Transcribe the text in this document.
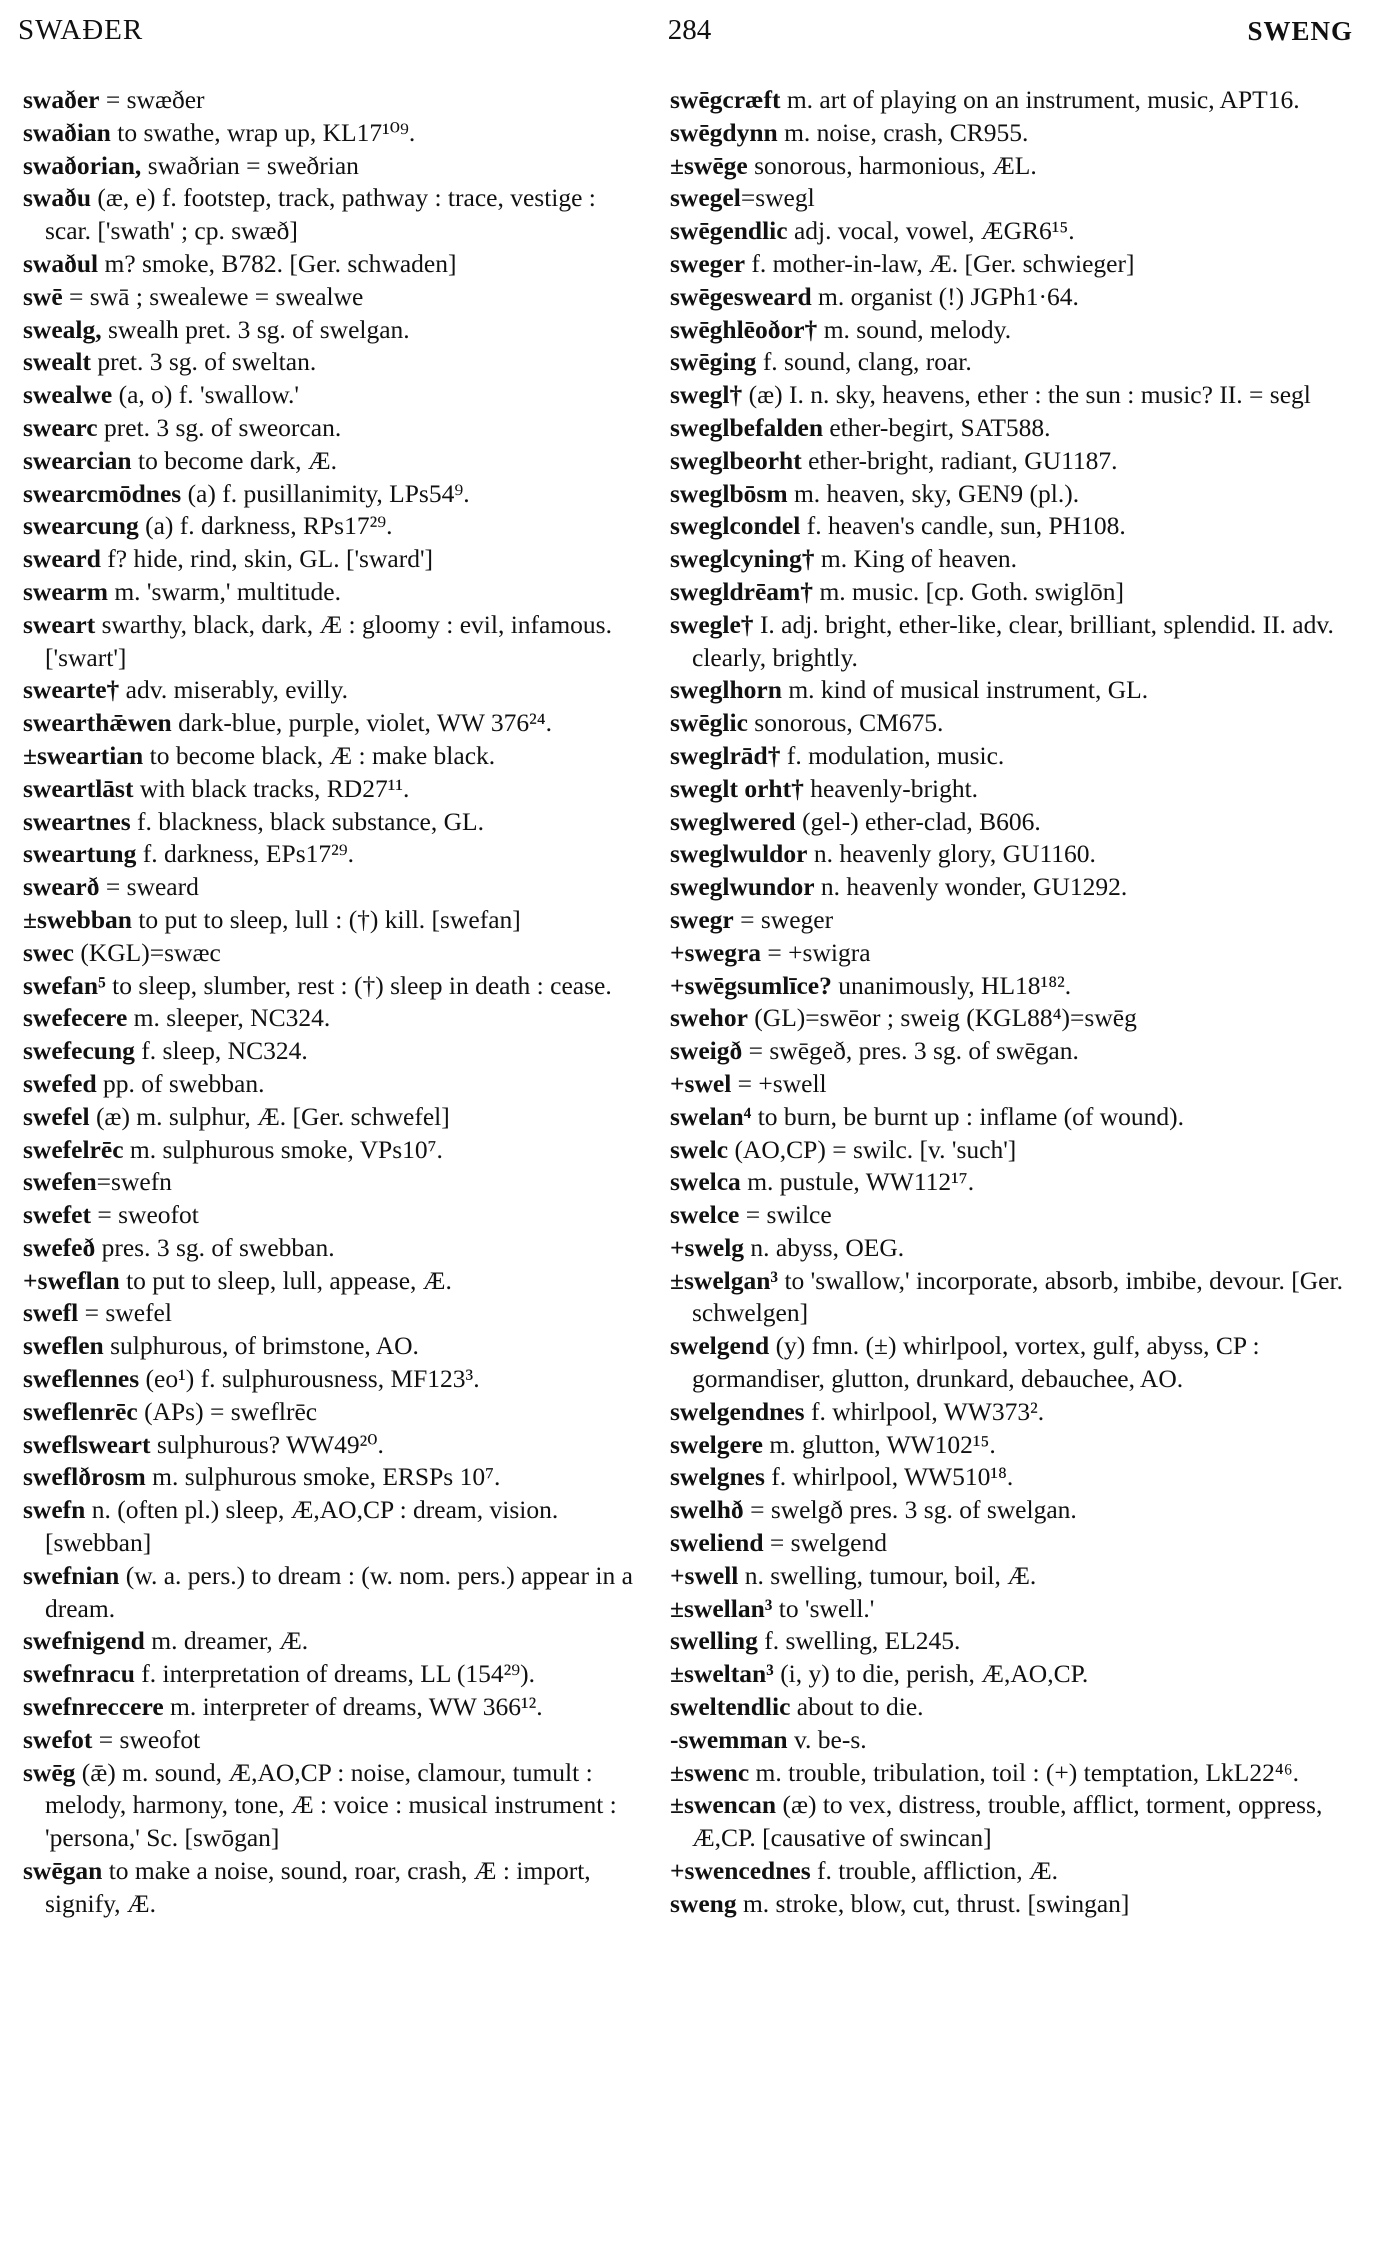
SWAÐER	284	SWENG

swaðer = swæðer

swaðian to swathe, wrap up, KL17¹⁰⁹.

swaðorian, swaðrian = sweðrian

swaðu (æ, e) f. footstep, track, pathway : trace, vestige : scar. ['swath' ; cp. swæð]

swaðul m? smoke, B782. [Ger. schwaden]

swē = swā ; swealewe = swealwe

swealg, swealh pret. 3 sg. of swelgan.

swealt pret. 3 sg. of sweltan.

swealwe (a, o) f. 'swallow.'

swearc pret. 3 sg. of sweorcan.

swearcian to become dark, Æ.

swearcmōdnes (a) f. pusillanimity, LPs54⁹.

swearcung (a) f. darkness, RPs17²⁹.

sweard f? hide, rind, skin, GL. ['sward']

swearm m. 'swarm,' multitude.

sweart swarthy, black, dark, Æ : gloomy : evil, infamous. ['swart']

swearte† adv. miserably, evilly.

swearthǣwen dark-blue, purple, violet, WW 376²⁴.

±sweartian to become black, Æ : make black.

sweartlāst with black tracks, RD27¹¹.

sweartnes f. blackness, black substance, GL.

sweartung f. darkness, EPs17²⁹.

swearð = sweard

±swebban to put to sleep, lull : (†) kill. [swefan]

swec (KGL)=swæc

swefan⁵ to sleep, slumber, rest : (†) sleep in death : cease.

swefecere m. sleeper, NC324.

swefecung f. sleep, NC324.

swefed pp. of swebban.

swefel (æ) m. sulphur, Æ. [Ger. schwefel]

swefelrēc m. sulphurous smoke, VPs10⁷.

swefen=swefn

swefet = sweofot

swefeð pres. 3 sg. of swebban.

+sweflan to put to sleep, lull, appease, Æ.

swefl = swefel

sweflen sulphurous, of brimstone, AO.

sweflennes (eo¹) f. sulphurousness, MF123³.

sweflenrēc (APs) = sweflrēc

sweflsweart sulphurous? WW49²⁰.

sweflðrosm m. sulphurous smoke, ERSPs 10⁷.

swefn n. (often pl.) sleep, Æ,AO,CP : dream, vision. [swebban]

swefnian (w. a. pers.) to dream : (w. nom. pers.) appear in a dream.

swefnigend m. dreamer, Æ.

swefnracu f. interpretation of dreams, LL (154²⁹).

swefnreccere m. interpreter of dreams, WW 366¹².

swefot = sweofot

swēg (ǣ) m. sound, Æ,AO,CP : noise, clamour, tumult : melody, harmony, tone, Æ : voice : musical instrument : 'persona,' Sc. [swōgan]

swēgan to make a noise, sound, roar, crash, Æ : import, signify, Æ.

swēgcræft m. art of playing on an instrument, music, APT16.

swēgdynn m. noise, crash, CR955.

±swēge sonorous, harmonious, ÆL.

swegel=swegl

swēgendlic adj. vocal, vowel, ÆGR6¹⁵.

sweger f. mother-in-law, Æ. [Ger. schwieger]

swēgesweard m. organist (!) JGPh1·64.

swēghlēoðor† m. sound, melody.

swēging f. sound, clang, roar.

swegl† (æ) I. n. sky, heavens, ether : the sun : music? II. = segl

sweglbefalden ether-begirt, SAT588.

sweglbeorht ether-bright, radiant, GU1187.

sweglbōsm m. heaven, sky, GEN9 (pl.).

sweglcondel f. heaven's candle, sun, PH108.

sweglcyning† m. King of heaven.

swegldrēam† m. music. [cp. Goth. swiglōn]

swegle† I. adj. bright, ether-like, clear, brilliant, splendid. II. adv. clearly, brightly.

sweglhorn m. kind of musical instrument, GL.

swēglic sonorous, CM675.

sweglrād† f. modulation, music.

sweglt orht† heavenly-bright.

sweglwered (gel-) ether-clad, B606.

sweglwuldor n. heavenly glory, GU1160.

sweglwundor n. heavenly wonder, GU1292.

swegr = sweger

+swegra = +swigra

+swēgsumlīce? unanimously, HL18¹⁸².

swehor (GL)=swēor ; sweig (KGL88⁴)=swēg

sweigð = swēgeð, pres. 3 sg. of swēgan.

+swel = +swell

swelan⁴ to burn, be burnt up : inflame (of wound).

swelc (AO,CP) = swilc. [v. 'such']

swelca m. pustule, WW112¹⁷.

swelce = swilce

+swelg n. abyss, OEG.

±swelgan³ to 'swallow,' incorporate, absorb, imbibe, devour. [Ger. schwelgen]

swelgend (y) fmn. (±) whirlpool, vortex, gulf, abyss, CP : gormandiser, glutton, drunkard, debauchee, AO.

swelgendnes f. whirlpool, WW373².

swelgere m. glutton, WW102¹⁵.

swelgnes f. whirlpool, WW510¹⁸.

swelhð = swelgð pres. 3 sg. of swelgan.

sweliend = swelgend

+swell n. swelling, tumour, boil, Æ.

±swellan³ to 'swell.'

swelling f. swelling, EL245.

±sweltan³ (i, y) to die, perish, Æ,AO,CP.

sweltendlic about to die.

-swemman v. be-s.

±swenc m. trouble, tribulation, toil : (+) temptation, LkL22⁴⁶.

±swencan (æ) to vex, distress, trouble, afflict, torment, oppress, Æ,CP. [causative of swincan]

+swencednes f. trouble, affliction, Æ.

sweng m. stroke, blow, cut, thrust. [swingan]
